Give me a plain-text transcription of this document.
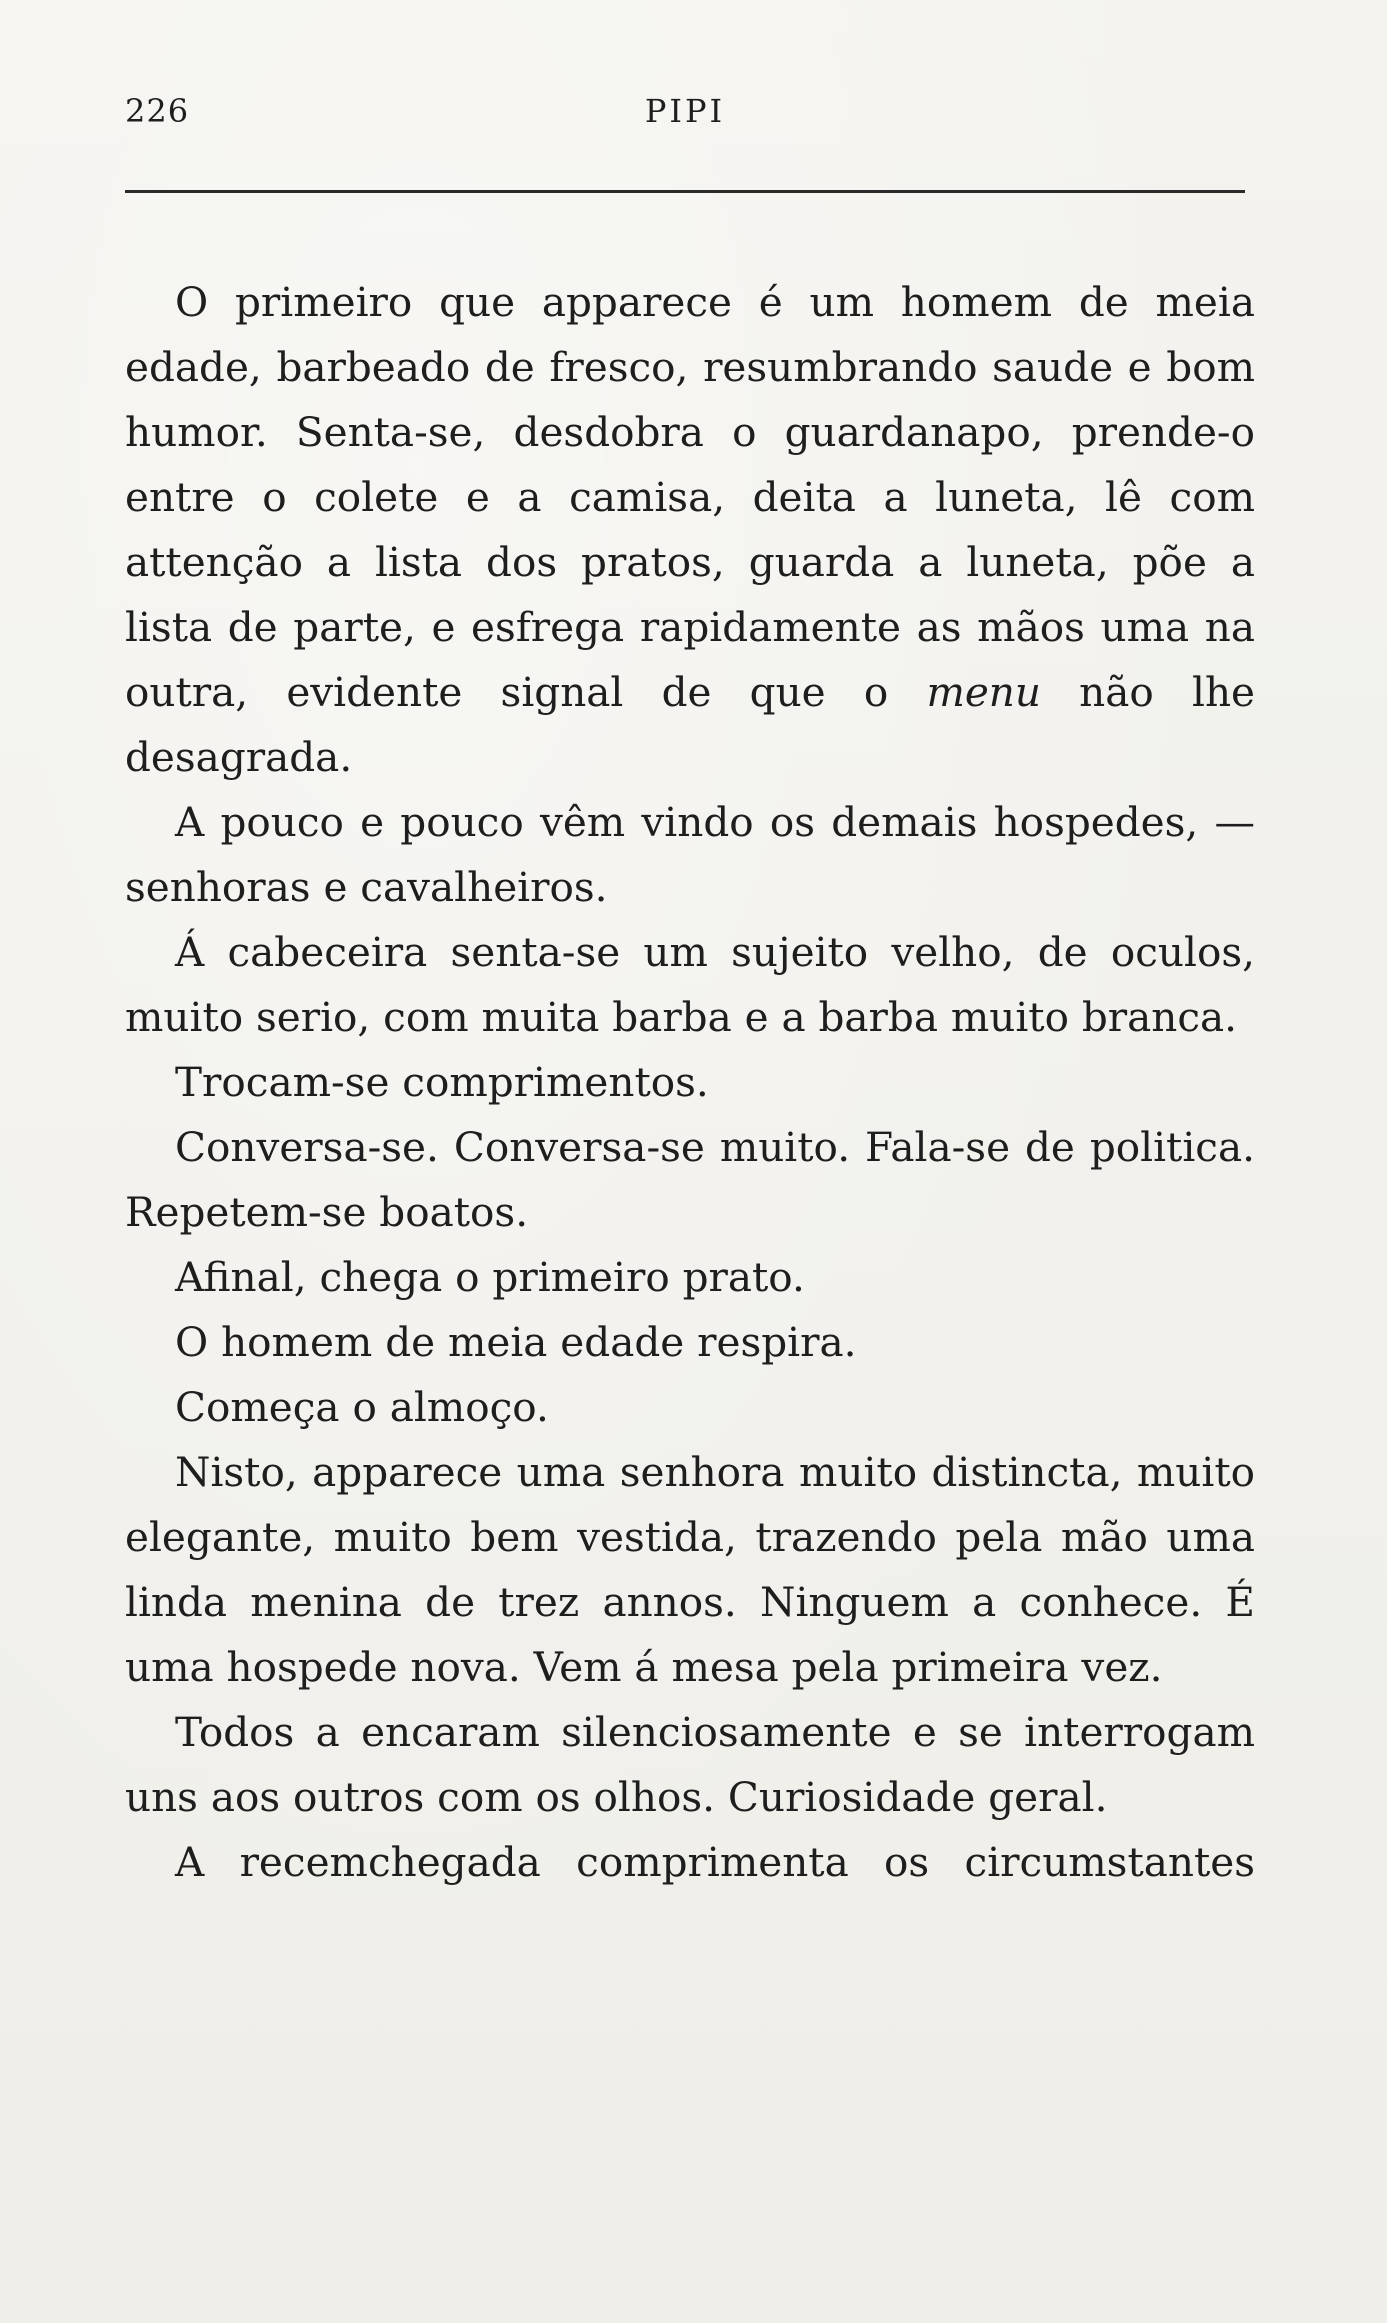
226	PIPI

O primeiro que apparece é um homem de meia edade, barbeado de fresco, resumbrando saude e bom humor. Senta-se, desdobra o guardanapo, prende-o entre o colete e a camisa, deita a luneta, lê com attenção a lista dos pratos, guarda a luneta, põe a lista de parte, e esfrega rapidamente as mãos uma na outra, evidente signal de que o menu não lhe desagrada.

A pouco e pouco vêm vindo os demais hospedes, — senhoras e cavalheiros.

Á cabeceira senta-se um sujeito velho, de oculos, muito serio, com muita barba e a barba muito branca.

Trocam-se comprimentos.

Conversa-se. Conversa-se muito. Fala-se de politica. Repetem-se boatos.

Afinal, chega o primeiro prato.

O homem de meia edade respira.

Começa o almoço.

Nisto, apparece uma senhora muito distincta, muito elegante, muito bem vestida, trazendo pela mão uma linda menina de trez annos. Ninguem a conhece. É uma hospede nova. Vem á mesa pela primeira vez.

Todos a encaram silenciosamente e se interrogam uns aos outros com os olhos. Curiosidade geral.

A recemchegada comprimenta os circumstantes
